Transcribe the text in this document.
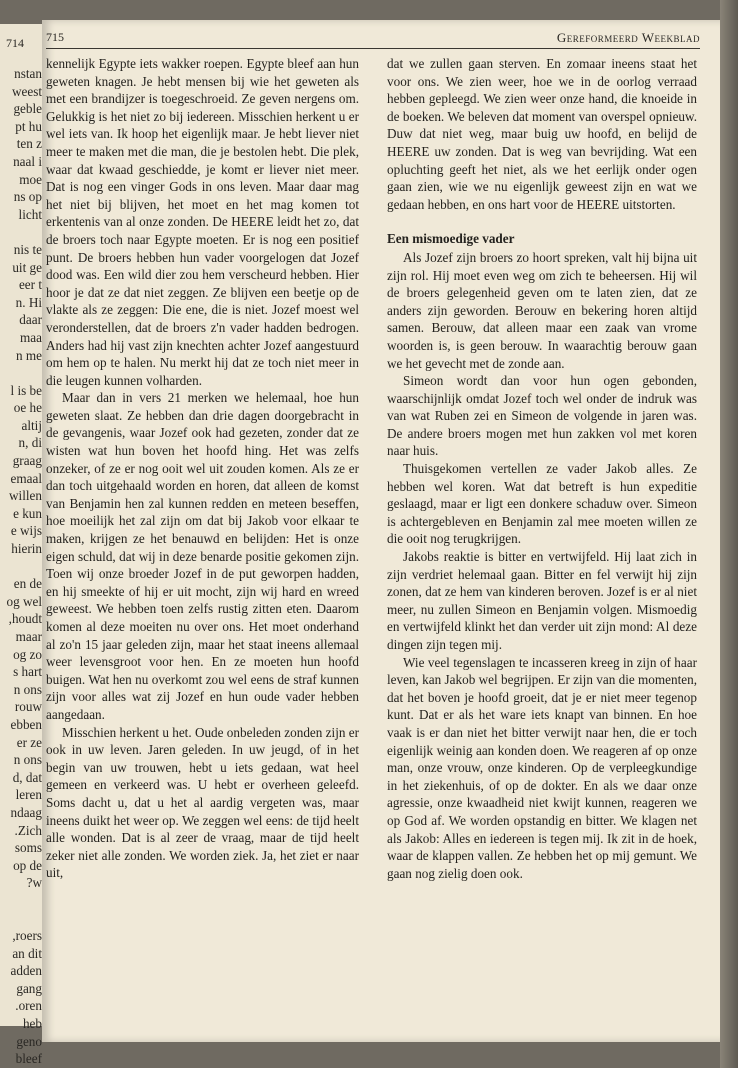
714
nstan
weest
geble
pt hu
ten z
naal i
moe
ns op
licht
nis te
uit ge
eer t
n. Hi
daar
maa
n me
l is be
oe he
altij
n, di
graag
emaal
willen
e kun
e wijs
hierin
en de
og wel
houdt,
maar
og zo
s hart
n ons
rouw
ebben
er ze
n ons
d, dat
leren
ndaag
Zich.
soms
op de
w?
roers,
an dit
adden
gang
oren.
heb
geno
bleef
715	Gereformeerd Weekblad

kennelijk Egypte iets wakker roepen. Egypte bleef aan hun geweten knagen. Je hebt mensen bij wie het geweten als met een brandijzer is toegeschroeid. Ze geven nergens om. Gelukkig is het niet zo bij iedereen. Misschien herkent u er wel iets van. Ik hoop het eigenlijk maar. Je hebt liever niet meer te maken met die man, die je bestolen hebt. Die plek, waar dat kwaad geschiedde, je komt er liever niet meer. Dat is nog een vinger Gods in ons leven. Maar daar mag het niet bij blijven, het moet en het mag komen tot erkentenis van al onze zonden. De HEERE leidt het zo, dat de broers toch naar Egypte moeten. Er is nog een positief punt. De broers hebben hun vader voorgelogen dat Jozef dood was. Een wild dier zou hem verscheurd hebben. Hier hoor je dat ze dat niet zeggen. Ze blijven een beetje op de vlakte als ze zeggen: Die ene, die is niet. Jozef moest wel veronderstellen, dat de broers z'n vader hadden bedrogen. Anders had hij vast zijn knechten achter Jozef aangestuurd om hem op te halen. Nu merkt hij dat ze toch niet meer in die leugen kunnen volharden.

Maar dan in vers 21 merken we helemaal, hoe hun geweten slaat. Ze hebben dan drie dagen doorgebracht in de gevangenis, waar Jozef ook had gezeten, zonder dat ze wisten wat hun boven het hoofd hing. Het was zelfs onzeker, of ze er nog ooit wel uit zouden komen. Als ze er dan toch uitgehaald worden en horen, dat alleen de komst van Benjamin hen zal kunnen redden en meteen beseffen, hoe moeilijk het zal zijn om dat bij Jakob voor elkaar te maken, krijgen ze het benauwd en belijden: Het is onze eigen schuld, dat wij in deze benarde positie gekomen zijn. Toen wij onze broeder Jozef in de put geworpen hadden, en hij smeekte of hij er uit mocht, zijn wij hard en wreed geweest. We hebben toen zelfs rustig zitten eten. Daarom komen al deze moeiten nu over ons. Het moet onderhand al zo'n 15 jaar geleden zijn, maar het staat ineens allemaal weer levensgroot voor hen. En ze moeten hun hoofd buigen. Wat hen nu overkomt zou wel eens de straf kunnen zijn voor alles wat zij Jozef en hun oude vader hebben aangedaan.

Misschien herkent u het. Oude onbeleden zonden zijn er ook in uw leven. Jaren geleden. In uw jeugd, of in het begin van uw trouwen, hebt u iets gedaan, wat heel gemeen en verkeerd was. U hebt er overheen geleefd. Soms dacht u, dat u het al aardig vergeten was, maar ineens duikt het weer op. We zeggen wel eens: de tijd heelt alle wonden. Dat is al zeer de vraag, maar de tijd heelt zeker niet alle zonden. We worden ziek. Ja, het ziet er naar uit,

dat we zullen gaan sterven. En zomaar ineens staat het voor ons. We zien weer, hoe we in de oorlog verraad hebben gepleegd. We zien weer onze hand, die knoeide in de boeken. We beleven dat moment van overspel opnieuw. Duw dat niet weg, maar buig uw hoofd, en belijd de HEERE uw zonden. Dat is weg van bevrijding. Wat een opluchting geeft het niet, als we het eerlijk onder ogen gaan zien, wie we nu eigenlijk geweest zijn en wat we gedaan hebben, en ons hart voor de HEERE uitstorten.

Een mismoedige vader

Als Jozef zijn broers zo hoort spreken, valt hij bijna uit zijn rol. Hij moet even weg om zich te beheersen. Hij wil de broers gelegenheid geven om te laten zien, dat ze anders zijn geworden. Berouw en bekering horen altijd samen. Berouw, dat alleen maar een zaak van vrome woorden is, is geen berouw. In waarachtig berouw gaan we het gevecht met de zonde aan.

Simeon wordt dan voor hun ogen gebonden, waarschijnlijk omdat Jozef toch wel onder de indruk was van wat Ruben zei en Simeon de volgende in jaren was. De andere broers mogen met hun zakken vol met koren naar huis.

Thuisgekomen vertellen ze vader Jakob alles. Ze hebben wel koren. Wat dat betreft is hun expeditie geslaagd, maar er ligt een donkere schaduw over. Simeon is achtergebleven en Benjamin zal mee moeten willen ze die ooit nog terugkrijgen.

Jakobs reaktie is bitter en vertwijfeld. Hij laat zich in zijn verdriet helemaal gaan. Bitter en fel verwijt hij zijn zonen, dat ze hem van kinderen beroven. Jozef is er al niet meer, nu zullen Simeon en Benjamin volgen. Mismoedig en vertwijfeld klinkt het dan verder uit zijn mond: Al deze dingen zijn tegen mij.

Wie veel tegenslagen te incasseren kreeg in zijn of haar leven, kan Jakob wel begrijpen. Er zijn van die momenten, dat het boven je hoofd groeit, dat je er niet meer tegenop kunt. Dat er als het ware iets knapt van binnen. En hoe vaak is er dan niet het bitter verwijt naar hen, die er toch eigenlijk weinig aan konden doen. We reageren af op onze man, onze vrouw, onze kinderen. Op de verpleegkundige in het ziekenhuis, of op de dokter. En als we daar onze agressie, onze kwaadheid niet kwijt kunnen, reageren we op God af. We worden opstandig en bitter. We klagen net als Jakob: Alles en iedereen is tegen mij. Ik zit in de hoek, waar de klappen vallen. Ze hebben het op mij gemunt. We gaan nog zielig doen ook.
